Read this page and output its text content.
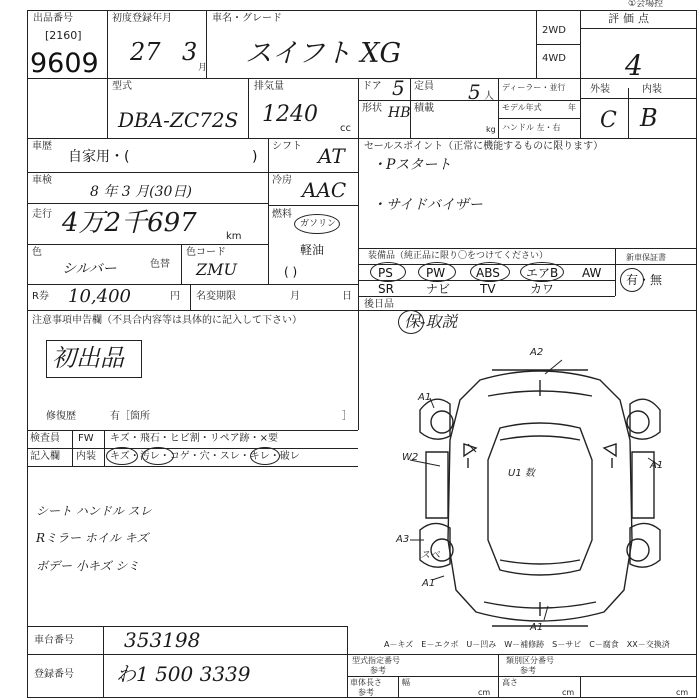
①会場控
出品番号
[2160]
9609
初度登録年月
27 3
月
車名・グレード
スイフト XG
2WD
4WD
評価点
4
外装	内装
C B
型式
DBA-ZC72S
排気量
1240
cc
ドア 5 定員 5 人
形状 HB 積載
kg
ディーラー・並行
モデル年式	年
ハンドル 左・右
車歴
自家用・(	)
車検
8 年 3 月(30日)
走行 4万2千697	km
色
シルバー	色替
色コード
ZMU
シフト AT
冷房 AAC
燃料
ガソリン
軽油
( )
R券 10,400	円 名変期限	月	日
セールスポイント（正常に機能するものに限ります）
・Pスタート
・サイドバイザー
装備品（純正品に限り〇をつけてください）	新車保証書
有・無
PS	PW	ABS エアB AW
SR	ナビ TV	カワ
後日品
保-取説
注意事項申告欄（不具合内容等は具体的に記入して下さい）
初出品
修復歴	有［箇所	］
検査員
記入欄
FW キズ・飛石・ヒビ割・リペア跡・×要
内装 キズ・汚レ・コゲ・穴・スレ・キレ・破レ
シート ハンドル スレ
Rミラー ホイル キズ
ボデー 小キズ シミ
A2
A1
W2
U1 数
A1
A3
スペ
A1
A1
A－キズ　E－エクボ　U－凹み　W－補修跡　S－サビ　C－腐食　XX－交換済
車台番号	353198
登録番号 わ1 500 3339
型式指定番号
参考
類別区分番号
参考
車体長さ
参考	cm
幅	高さ
cm	cm
